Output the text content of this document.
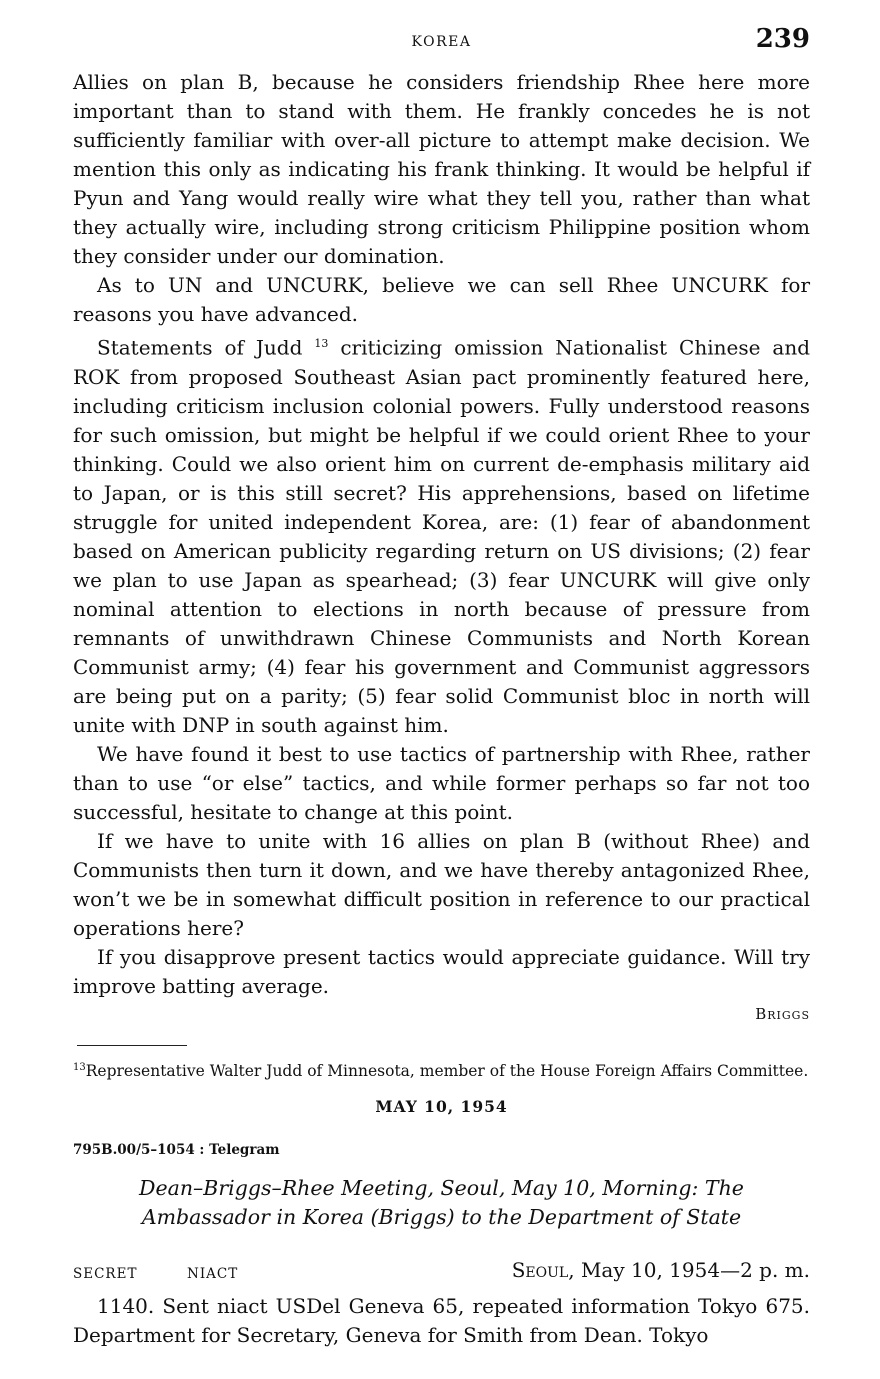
KOREA	239

Allies on plan B, because he considers friendship Rhee here more important than to stand with them. He frankly concedes he is not sufficiently familiar with over-all picture to attempt make decision. We mention this only as indicating his frank thinking. It would be helpful if Pyun and Yang would really wire what they tell you, rather than what they actually wire, including strong criticism Philippine position whom they consider under our domination.

As to UN and UNCURK, believe we can sell Rhee UNCURK for reasons you have advanced.

Statements of Judd $^{13}$ criticizing omission Nationalist Chinese and ROK from proposed Southeast Asian pact prominently featured here, including criticism inclusion colonial powers. Fully understood reasons for such omission, but might be helpful if we could orient Rhee to your thinking. Could we also orient him on current de-emphasis military aid to Japan, or is this still secret? His apprehensions, based on lifetime struggle for united independent Korea, are: (1) fear of abandonment based on American publicity regarding return on US divisions; (2) fear we plan to use Japan as spearhead; (3) fear UNCURK will give only nominal attention to elections in north because of pressure from remnants of unwithdrawn Chinese Communists and North Korean Communist army; (4) fear his government and Communist aggressors are being put on a parity; (5) fear solid Communist bloc in north will unite with DNP in south against him.

We have found it best to use tactics of partnership with Rhee, rather than to use “or else” tactics, and while former perhaps so far not too successful, hesitate to change at this point.

If we have to unite with 16 allies on plan B (without Rhee) and Communists then turn it down, and we have thereby antagonized Rhee, won’t we be in somewhat difficult position in reference to our practical operations here?

If you disapprove present tactics would appreciate guidance. Will try improve batting average.

Briggs
$^{13}$Representative Walter Judd of Minnesota, member of the House Foreign Affairs Committee.
MAY 10, 1954
795B.00/5–1054 : Telegram
Dean–Briggs–Rhee Meeting, Seoul, May 10, Morning: The
Ambassador in Korea (Briggs) to the Department of State
SECRET	NIACT	Seoul, May 10, 1954—2 p. m.

1140. Sent niact USDel Geneva 65, repeated information Tokyo 675. Department for Secretary, Geneva for Smith from Dean. Tokyo
